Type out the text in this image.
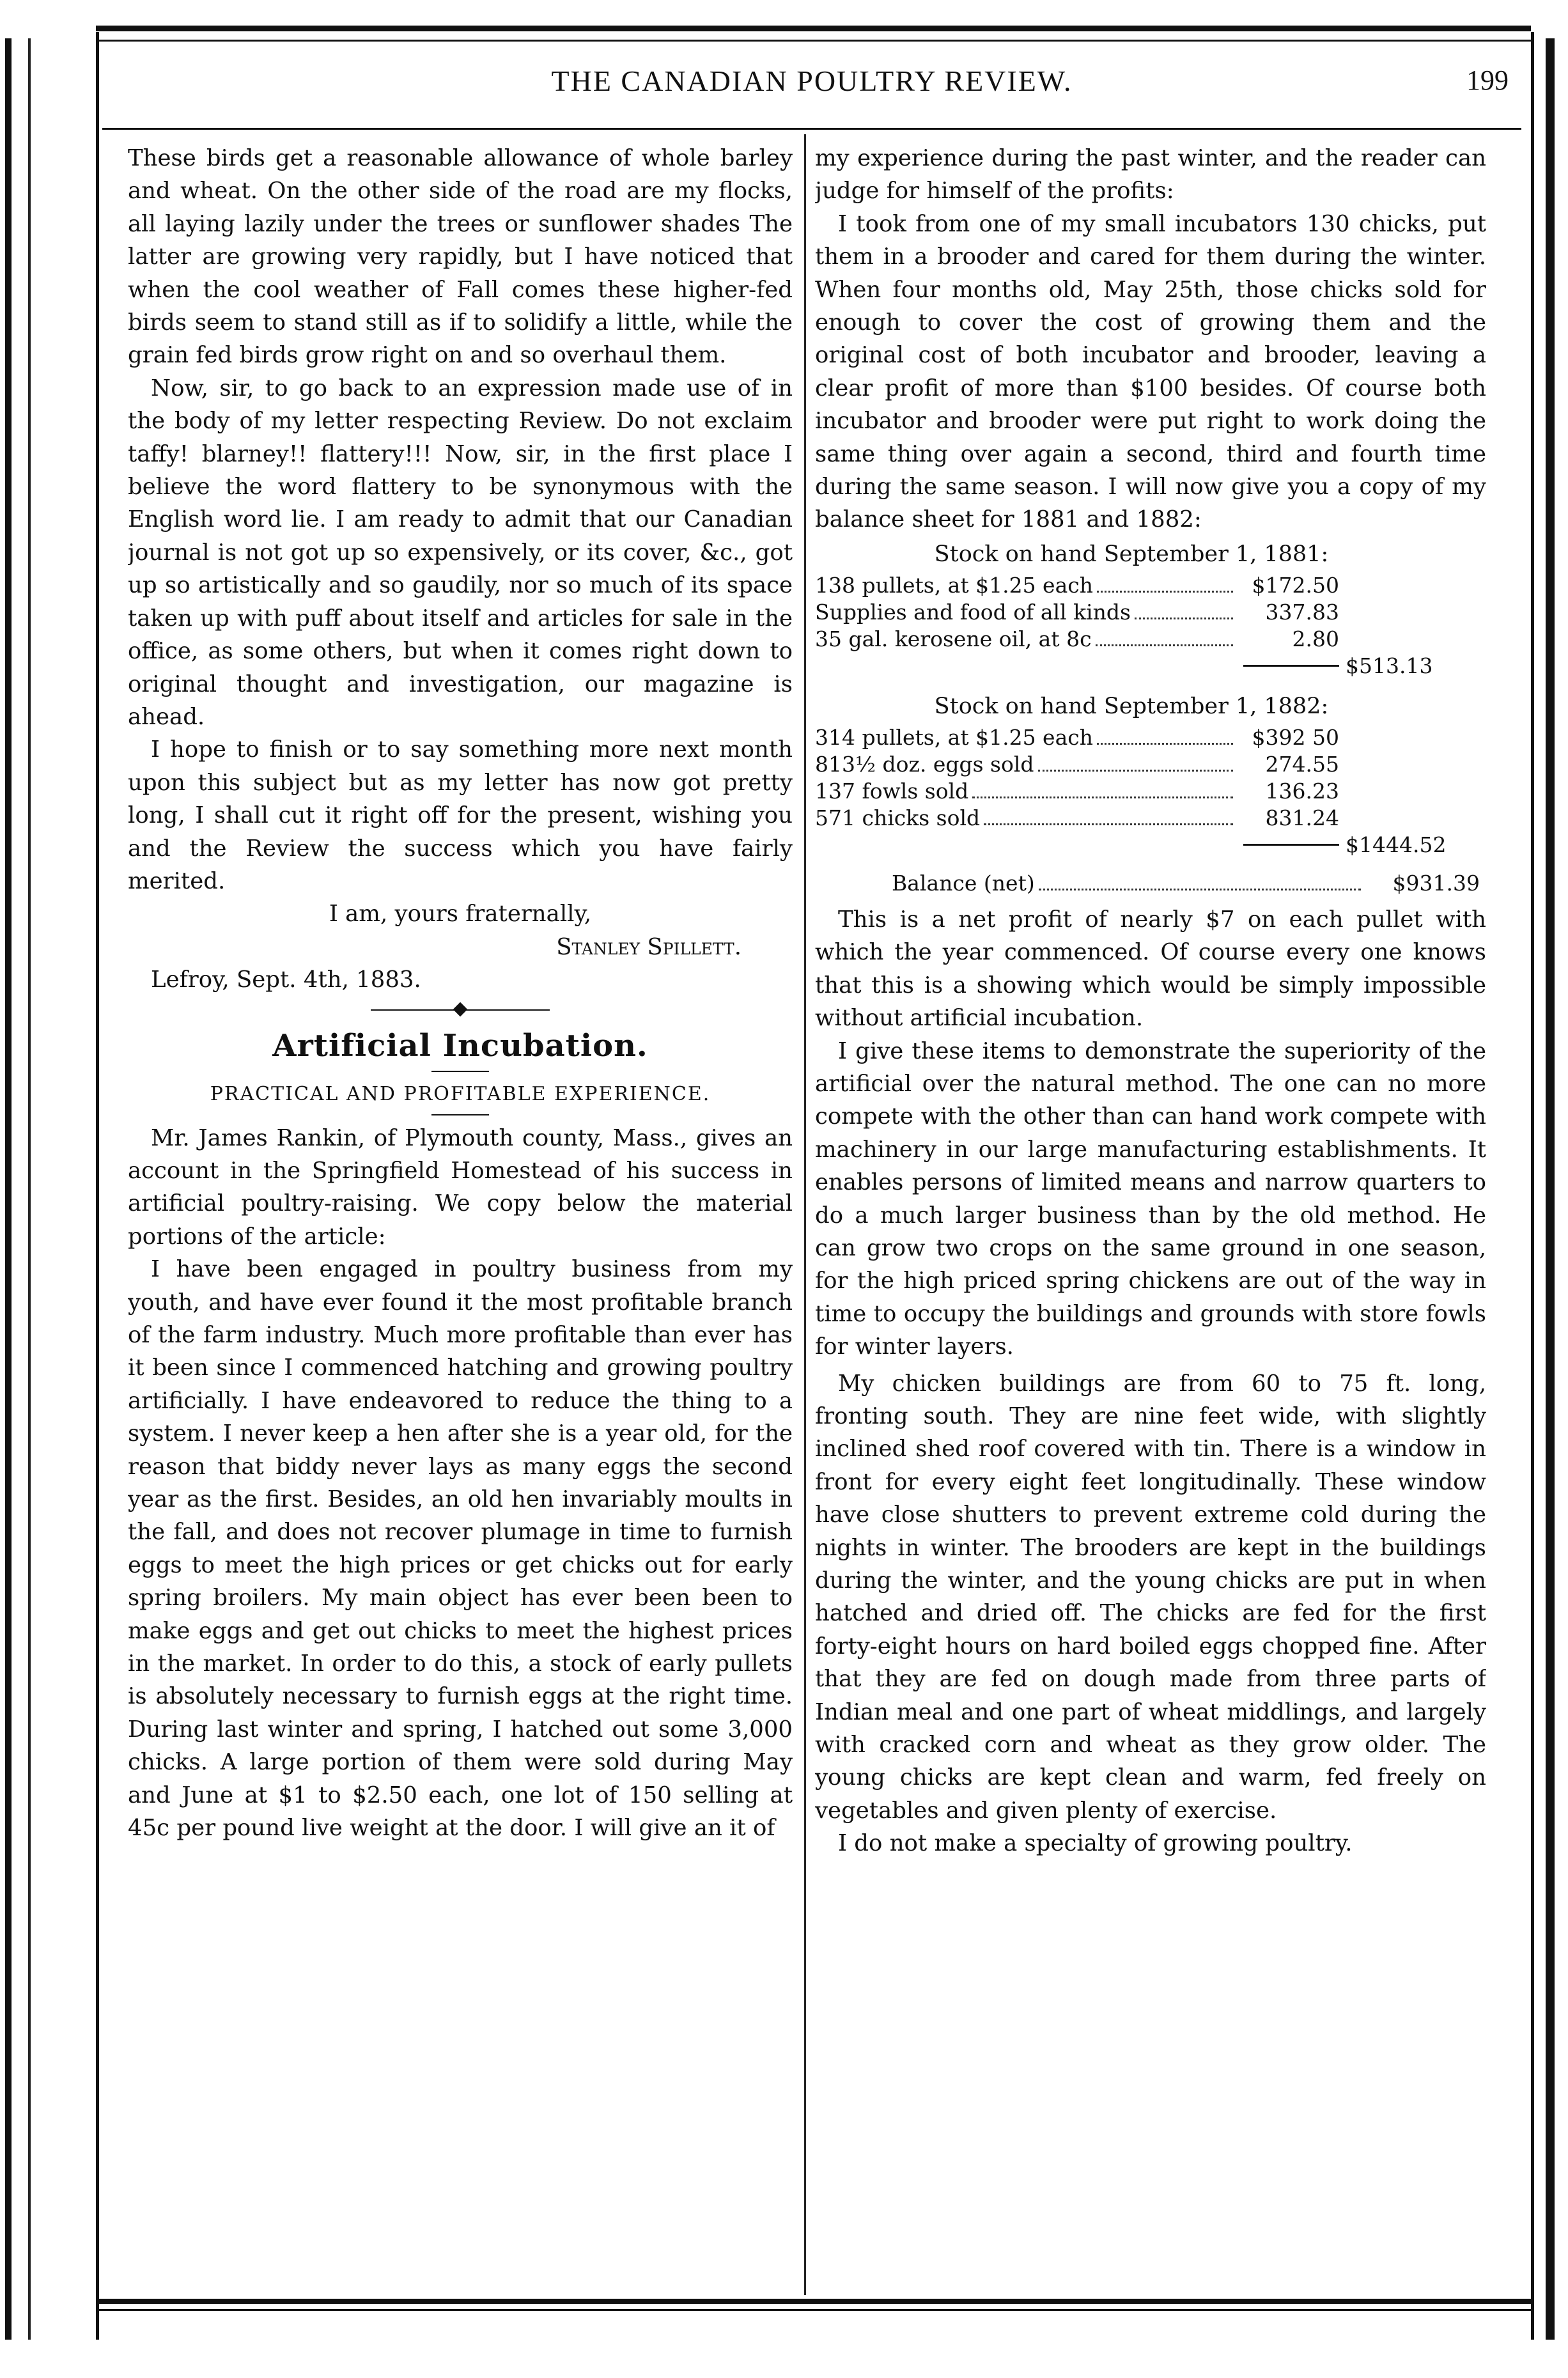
THE CANADIAN POULTRY REVIEW.	199

These birds get a reasonable allowance of whole barley and wheat. On the other side of the road are my flocks, all laying lazily under the trees or sunflower shades The latter are growing very rapidly, but I have noticed that when the cool weather of Fall comes these higher-fed birds seem to stand still as if to solidify a little, while the grain fed birds grow right on and so overhaul them.

Now, sir, to go back to an expression made use of in the body of my letter respecting Review. Do not exclaim taffy! blarney!! flattery!!! Now, sir, in the first place I believe the word flattery to be synonymous with the English word lie. I am ready to admit that our Canadian journal is not got up so expensively, or its cover, &c., got up so artistically and so gaudily, nor so much of its space taken up with puff about itself and articles for sale in the office, as some others, but when it comes right down to original thought and investigation, our magazine is ahead.

I hope to finish or to say something more next month upon this subject but as my letter has now got pretty long, I shall cut it right off for the present, wishing you and the Review the success which you have fairly merited.

I am, yours fraternally,

Stanley Spillett.

Lefroy, Sept. 4th, 1883.

Artificial Incubation.
PRACTICAL AND PROFITABLE EXPERIENCE.

Mr. James Rankin, of Plymouth county, Mass., gives an account in the Springfield Homestead of his success in artificial poultry-raising. We copy below the material portions of the article:

I have been engaged in poultry business from my youth, and have ever found it the most profitable branch of the farm industry. Much more profitable than ever has it been since I commenced hatching and growing poultry artificially. I have endeavored to reduce the thing to a system. I never keep a hen after she is a year old, for the reason that biddy never lays as many eggs the second year as the first. Besides, an old hen invariably moults in the fall, and does not recover plumage in time to furnish eggs to meet the high prices or get chicks out for early spring broilers. My main object has ever been been to make eggs and get out chicks to meet the highest prices in the market. In order to do this, a stock of early pullets is absolutely necessary to furnish eggs at the right time. During last winter and spring, I hatched out some 3,000 chicks. A large portion of them were sold during May and June at $1 to $2.50 each, one lot of 150 selling at 45c per pound live weight at the door. I will give an it of

my experience during the past winter, and the reader can judge for himself of the profits:

I took from one of my small incubators 130 chicks, put them in a brooder and cared for them during the winter. When four months old, May 25th, those chicks sold for enough to cover the cost of growing them and the original cost of both incubator and brooder, leaving a clear profit of more than $100 besides. Of course both incubator and brooder were put right to work doing the same thing over again a second, third and fourth time during the same season. I will now give you a copy of my balance sheet for 1881 and 1882:

Stock on hand September 1, 1881:
138 pullets, at $1.25 each	$172.50
Supplies and food of all kinds	337.83
35 gal. kerosene oil, at 8c	2.80
$513.13
Stock on hand September 1, 1882:
314 pullets, at $1.25 each	$392 50
813½ doz. eggs sold	274.55
137 fowls sold	136.23
571 chicks sold	831.24
$1444.52
Balance (net)	$931.39

This is a net profit of nearly $7 on each pullet with which the year commenced. Of course every one knows that this is a showing which would be simply impossible without artificial incubation.

I give these items to demonstrate the superiority of the artificial over the natural method. The one can no more compete with the other than can hand work compete with machinery in our large manufacturing establishments. It enables persons of limited means and narrow quarters to do a much larger business than by the old method. He can grow two crops on the same ground in one season, for the high priced spring chickens are out of the way in time to occupy the buildings and grounds with store fowls for winter layers.

My chicken buildings are from 60 to 75 ft. long, fronting south. They are nine feet wide, with slightly inclined shed roof covered with tin. There is a window in front for every eight feet longitudinally. These window have close shutters to prevent extreme cold during the nights in winter. The brooders are kept in the buildings during the winter, and the young chicks are put in when hatched and dried off. The chicks are fed for the first forty-eight hours on hard boiled eggs chopped fine. After that they are fed on dough made from three parts of Indian meal and one part of wheat middlings, and largely with cracked corn and wheat as they grow older. The young chicks are kept clean and warm, fed freely on vegetables and given plenty of exercise.

I do not make a specialty of growing poultry.
